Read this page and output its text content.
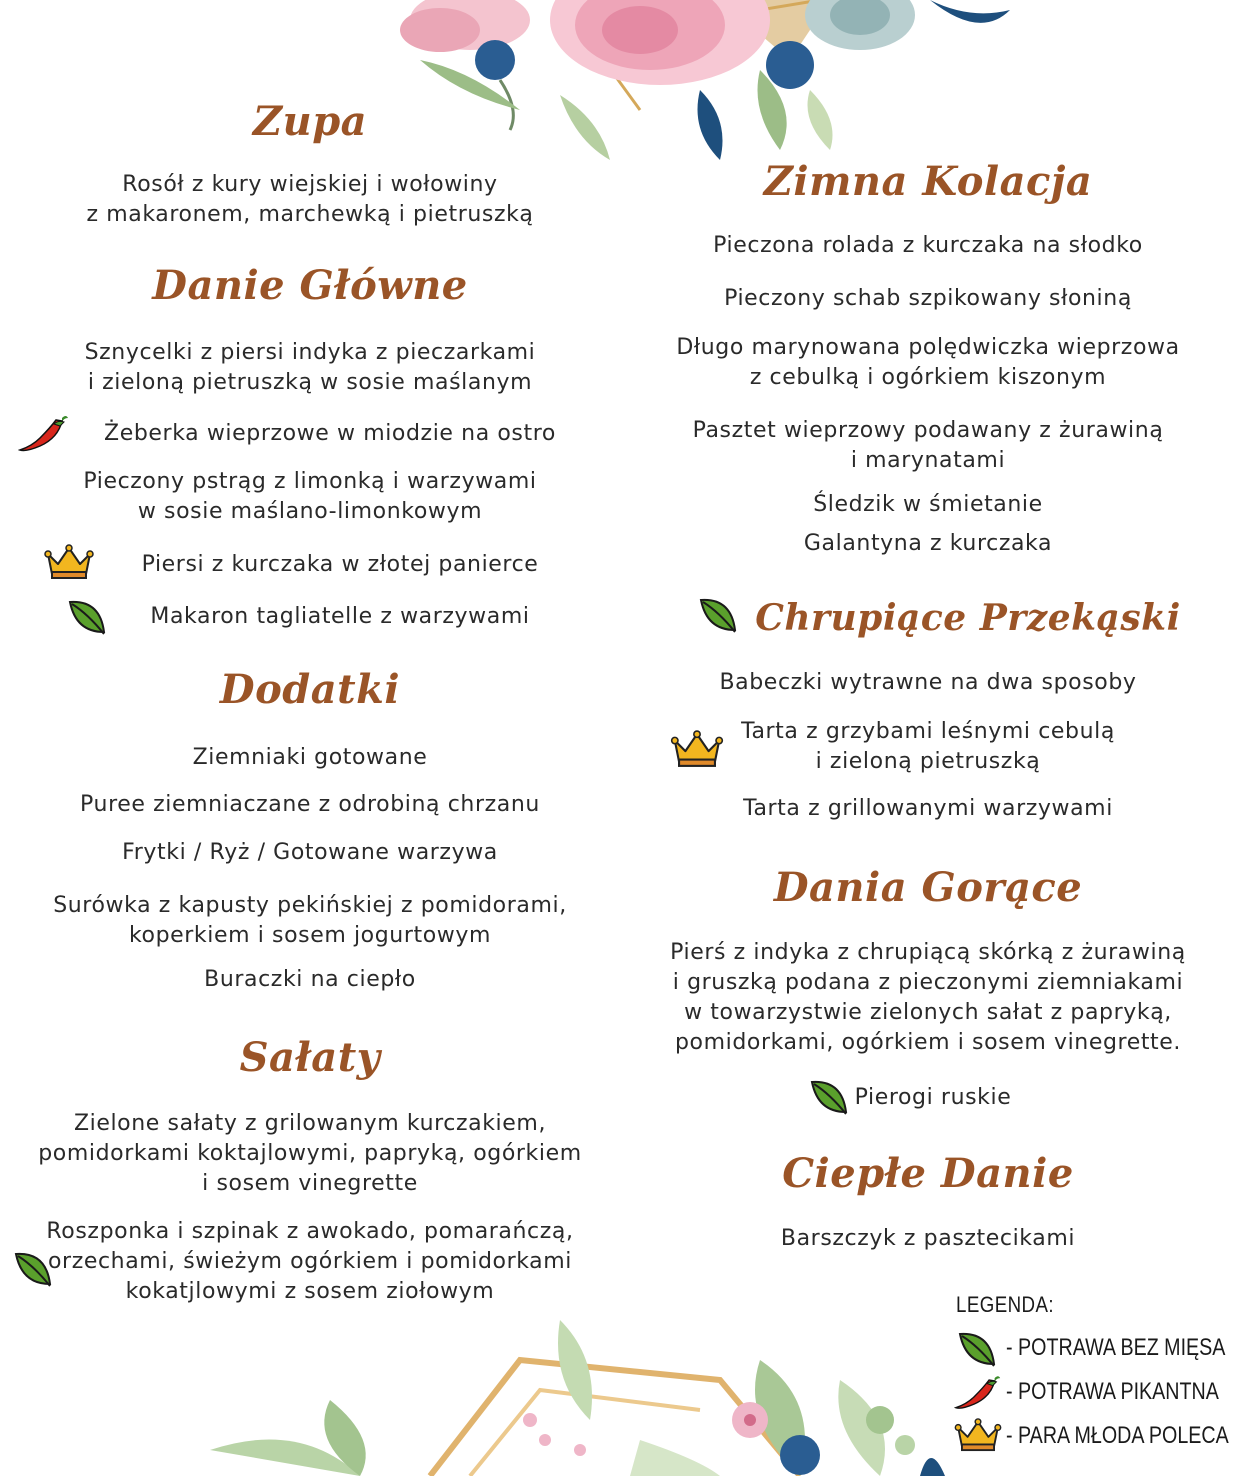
Zupa
Rosół z kury wiejskiej i wołowiny
z makaronem, marchewką i pietruszką
Danie Główne
Sznycelki z piersi indyka z pieczarkami
i zieloną pietruszką w sosie maślanym
Żeberka wieprzowe w miodzie na ostro
Pieczony pstrąg z limonką i warzywami
w sosie maślano-limonkowym
Piersi z kurczaka w złotej panierce
Makaron tagliatelle z warzywami
Dodatki
Ziemniaki gotowane
Puree ziemniaczane z odrobiną chrzanu
Frytki / Ryż / Gotowane warzywa
Surówka z kapusty pekińskiej z pomidorami,
koperkiem i sosem jogurtowym
Buraczki na ciepło
Sałaty
Zielone sałaty z grilowanym kurczakiem,
pomidorkami koktajlowymi, papryką, ogórkiem
i sosem vinegrette
Roszponka i szpinak z awokado, pomarańczą,
orzechami, świeżym ogórkiem i pomidorkami
kokatjlowymi z sosem ziołowym
Zimna Kolacja
Pieczona rolada z kurczaka na słodko
Pieczony schab szpikowany słoniną
Długo marynowana polędwiczka wieprzowa
z cebulką i ogórkiem kiszonym
Pasztet wieprzowy podawany z żurawiną
i marynatami
Śledzik w śmietanie
Galantyna z kurczaka
Chrupiące Przekąski
Babeczki wytrawne na dwa sposoby
Tarta z grzybami leśnymi cebulą
i zieloną pietruszką
Tarta z grillowanymi warzywami
Dania Gorące
Pierś z indyka z chrupiącą skórką z żurawiną
i gruszką podana z pieczonymi ziemniakami
w towarzystwie zielonych sałat z papryką,
pomidorkami, ogórkiem i sosem vinegrette.
Pierogi ruskie
Ciepłe Danie
Barszczyk z pasztecikami
LEGENDA:
- POTRAWA BEZ MIĘSA
- POTRAWA PIKANTNA
- PARA MŁODA POLECA
